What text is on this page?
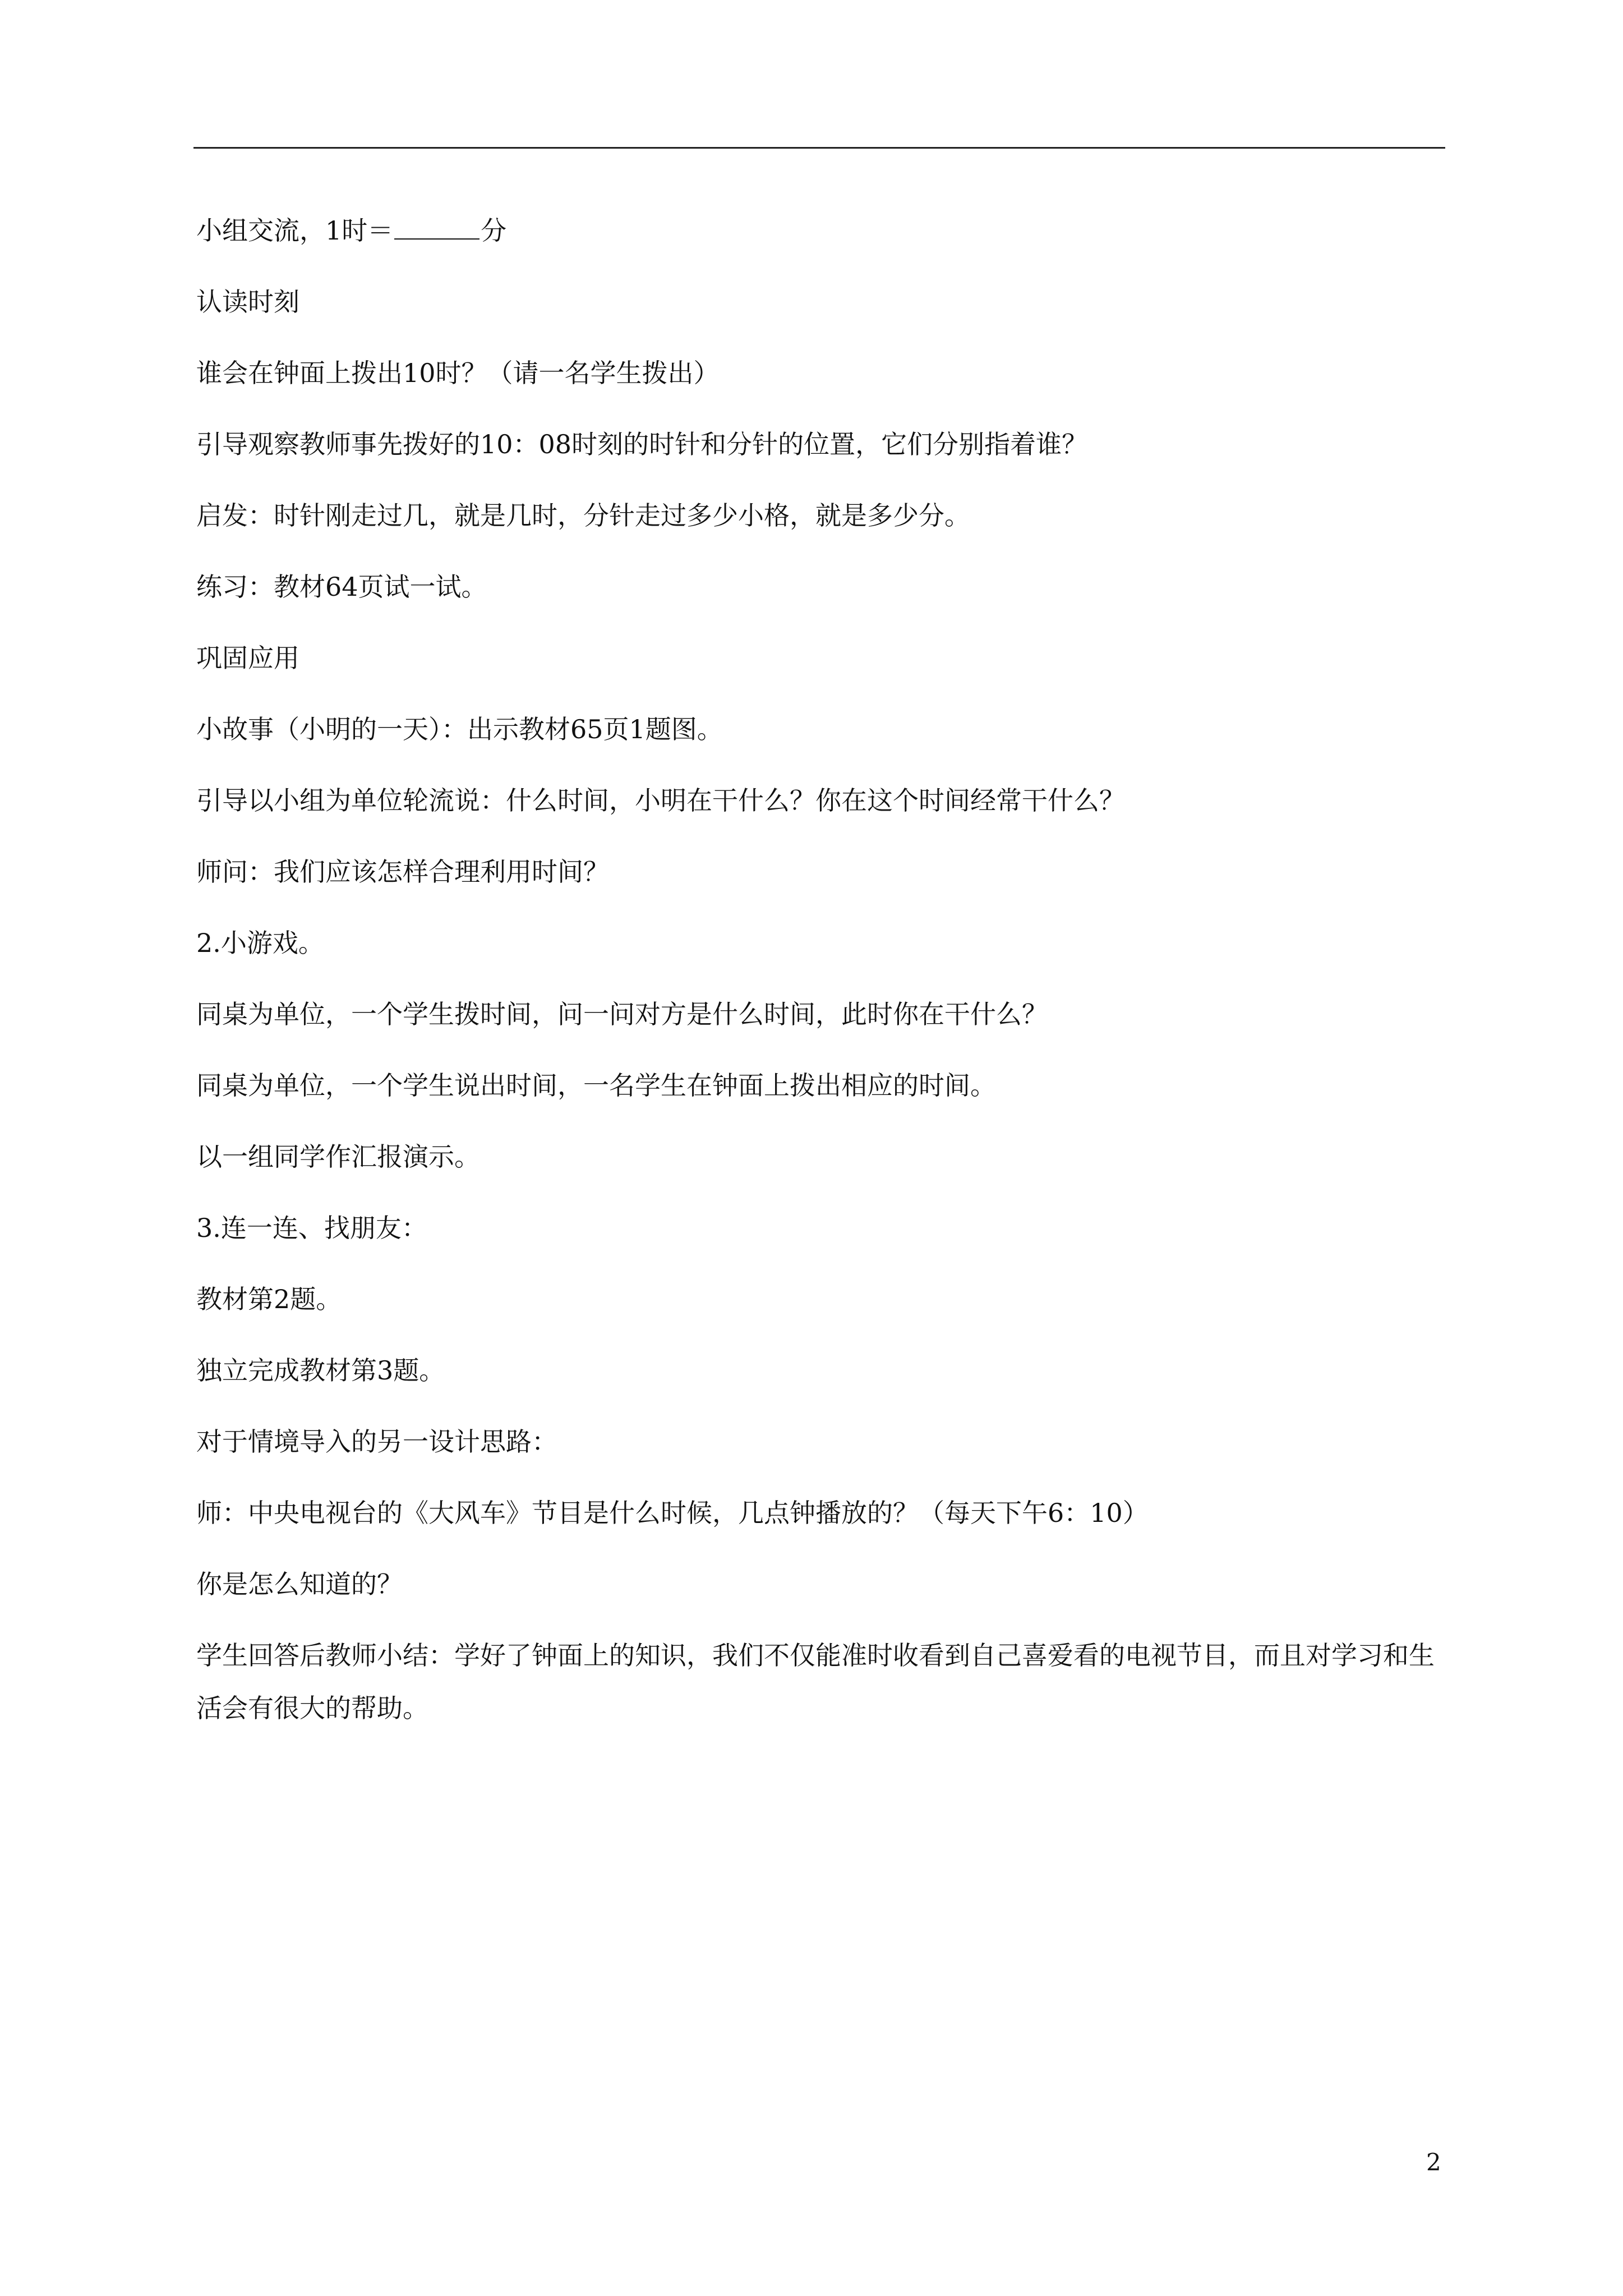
小组交流，1时＝	分

认读时刻

谁会在钟面上拨出10时？（请一名学生拨出）

引导观察教师事先拨好的10：08时刻的时针和分针的位置，它们分别指着谁？

启发：时针刚走过几，就是几时，分针走过多少小格，就是多少分。

练习：教材64页试一试。

巩固应用

小故事（小明的一天）：出示教材65页1题图。

引导以小组为单位轮流说：什么时间，小明在干什么？你在这个时间经常干什么？

师问：我们应该怎样合理利用时间？

2.小游戏。

同桌为单位，一个学生拨时间，问一问对方是什么时间，此时你在干什么？

同桌为单位，一个学生说出时间，一名学生在钟面上拨出相应的时间。

以一组同学作汇报演示。

3.连一连、找朋友：

教材第2题。

独立完成教材第3题。

对于情境导入的另一设计思路：

师：中央电视台的《大风车》节目是什么时候，几点钟播放的？（每天下午6：10）

你是怎么知道的？

学生回答后教师小结：学好了钟面上的知识，我们不仅能准时收看到自己喜爱看的电视节目，而且对学习和生活会有很大的帮助。

2
